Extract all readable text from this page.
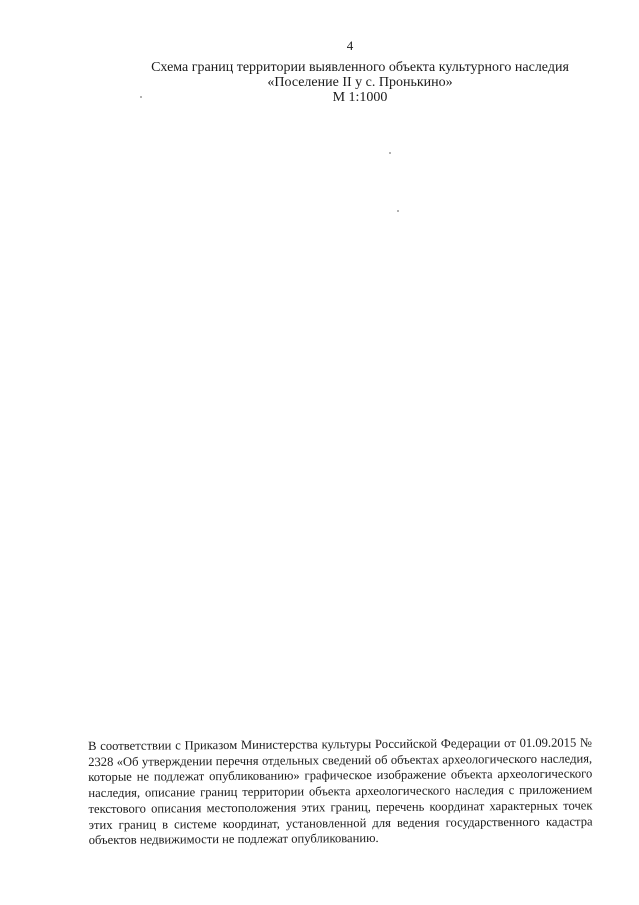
4
Схема границ территории выявленного объекта культурного наследия
«Поселение II у с. Пронькино»
М 1:1000
В соответствии с Приказом Министерства культуры Российской Федерации от 01.09.2015 № 2328 «Об утверждении перечня отдельных сведений об объектах археологического наследия, которые не подлежат опубликованию» графическое изображение объекта археологического наследия, описание границ территории объекта археологического наследия с приложением текстового описания местоположения этих границ, перечень координат характерных точек этих границ в системе координат, установленной для ведения государственного кадастра объектов недвижимости не подлежат опубликованию.
